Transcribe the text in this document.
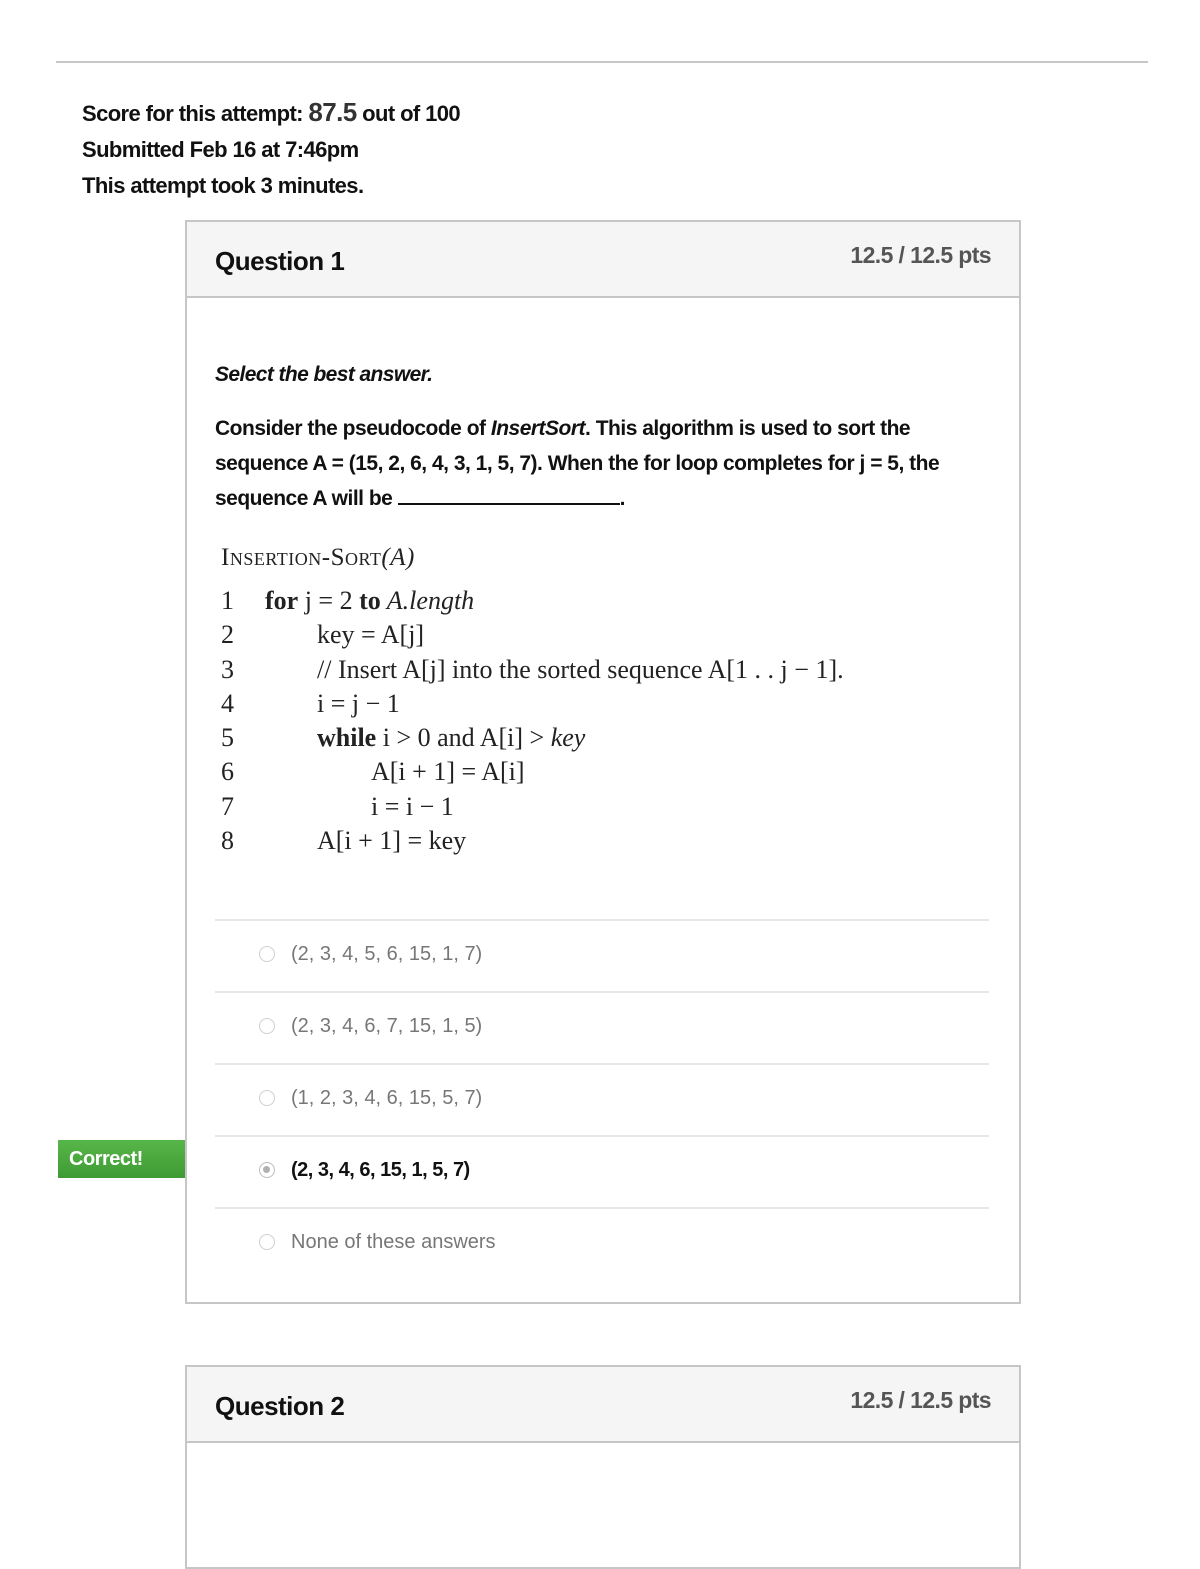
Score for this attempt: 87.5 out of 100
Submitted Feb 16 at 7:46pm
This attempt took 3 minutes.
Correct!
Question 1	12.5 / 12.5 pts
Select the best answer.
Consider the pseudocode of InsertSort. This algorithm is used to sort the sequence A = (15, 2, 6, 4, 3, 1, 5, 7). When the for loop completes for j = 5, the sequence A will be	.
Insertion-Sort(A)
1	for j = 2 to A.length
2	key = A[j]
3	// Insert A[j] into the sorted sequence A[1 . . j − 1].
4	i = j − 1
5	while i > 0 and A[i] > key
6	A[i + 1] = A[i]
7	i = i − 1
8	A[i + 1] = key
(2, 3, 4, 5, 6, 15, 1, 7)
(2, 3, 4, 6, 7, 15, 1, 5)
(1, 2, 3, 4, 6, 15, 5, 7)
(2, 3, 4, 6, 15, 1, 5, 7)
None of these answers
Question 2	12.5 / 12.5 pts
